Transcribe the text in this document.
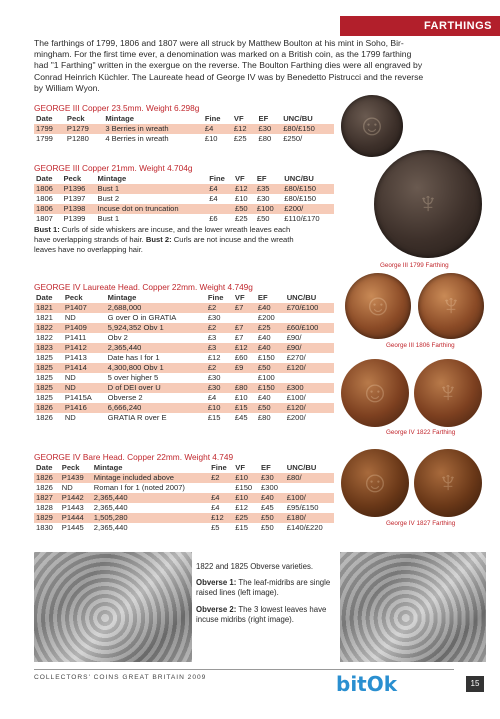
FARTHINGS
The farthings of 1799, 1806 and 1807 were all struck by Matthew Boulton at his mint in Soho, Bir-
mingham. For the first time ever, a denomination was marked on a British coin, as the 1799 farthing
had "1 Farthing" written in the exergue on the reverse. The Boulton Farthing dies were all engraved by
Conrad Heinrich Küchler. The Laureate head of George IV was by Benedetto Pistrucci and the reverse
by William Wyon.
GEORGE III Copper 23.5mm. Weight 6.298g
Date	Peck	Mintage	Fine	VF	EF	UNC/BU
1799	P1279	3 Berries in wreath	£4	£12	£30	£80/£150
1799	P1280	4 Berries in wreath	£10	£25	£80	£250/
GEORGE III Copper 21mm. Weight 4.704g
Date	Peck	Mintage	Fine	VF	EF	UNC/BU
1806	P1396	Bust 1	£4	£12	£35	£80/£150
1806	P1397	Bust 2	£4	£10	£30	£80/£150
1806	P1398	Incuse dot on truncation		£50	£100	£200/
1807	P1399	Bust 1	£6	£25	£50	£110/£170
Bust 1: Curls of side whiskers are incuse, and the lower wreath leaves each
have overlapping strands of hair. Bust 2: Curls are not incuse and the wreath
leaves have no overlapping hair.
GEORGE IV Laureate Head. Copper 22mm. Weight 4.749g
Date	Peck	Mintage	Fine	VF	EF	UNC/BU
1821	P1407	2,688,000	£2	£7	£40	£70/£100
1821	ND	G over O in GRATIA	£30		£200	
1822	P1409	5,924,352 Obv 1	£2	£7	£25	£60/£100
1822	P1411	Obv 2	£3	£7	£40	£90/
1823	P1412	2,365,440	£3	£12	£40	£90/
1825	P1413	Date has I for 1	£12	£60	£150	£270/
1825	P1414	4,300,800 Obv 1	£2	£9	£50	£120/
1825	ND	5 over higher 5	£30		£100	
1825	ND	D of DEI over U	£30	£80	£150	£300
1825	P1415A	Obverse 2	£4	£10	£40	£100/
1826	P1416	6,666,240	£10	£15	£50	£120/
1826	ND	GRATIA R over E	£15	£45	£80	£200/
GEORGE IV Bare Head. Copper 22mm. Weight 4.749
Date	Peck	Mintage	Fine	VF	EF	UNC/BU
1826	P1439	Mintage included above	£2	£10	£30	£80/
1826	ND	Roman I for 1 (noted 2007)		£150	£300	
1827	P1442	2,365,440	£4	£10	£40	£100/
1828	P1443	2,365,440	£4	£12	£45	£95/£150
1829	P1444	1,505,280	£12	£25	£50	£180/
1830	P1445	2,365,440	£5	£15	£50	£140/£220
☺
♆
George III 1799 Farthing
☺	♆
George III 1806 Farthing
☺	♆
George IV 1822 Farthing
☺	♆
George IV 1827 Farthing

1822 and 1825 Obverse varieties.

Obverse 1: The leaf-midribs are single raised lines (left image).

Obverse 2: The 3 lowest leaves have incuse midribs (right image).

COLLECTORS' COINS GREAT BRITAIN 2009	bitOk	15
